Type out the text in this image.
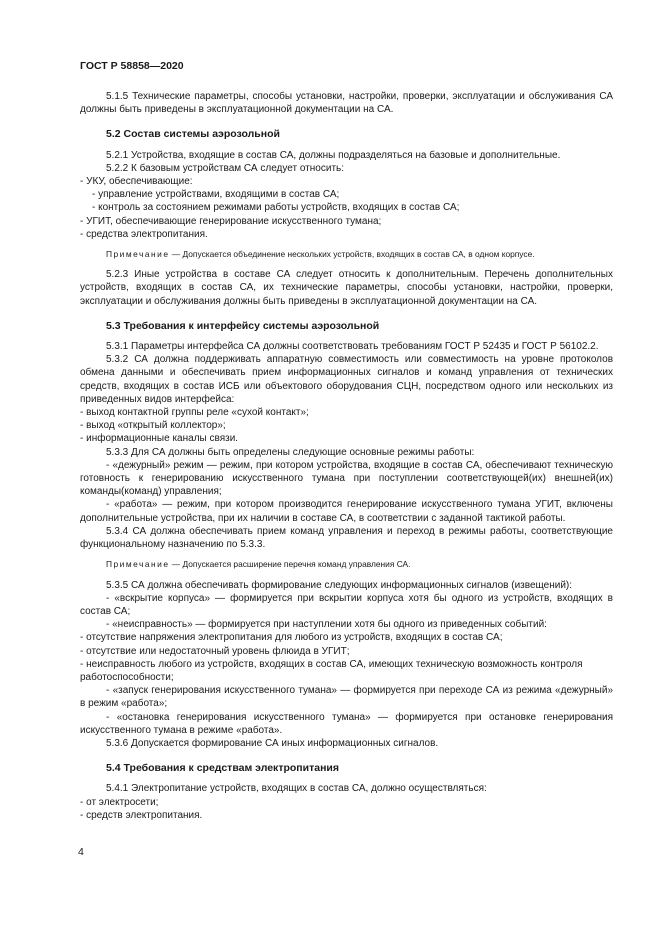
ГОСТ Р 58858—2020

5.1.5 Технические параметры, способы установки, настройки, проверки, эксплуатации и обслуживания СА должны быть приведены в эксплуатационной документации на СА.

5.2 Состав системы аэрозольной

5.2.1 Устройства, входящие в состав СА, должны подразделяться на базовые и дополнительные.

5.2.2 К базовым устройствам СА следует относить:

- УКУ, обеспечивающие:

- управление устройствами, входящими в состав СА;

- контроль за состоянием режимами работы устройств, входящих в состав СА;

- УГИТ, обеспечивающие генерирование искусственного тумана;

- средства электропитания.

Примечание — Допускается объединение нескольких устройств, входящих в состав СА, в одном корпусе.

5.2.3 Иные устройства в составе СА следует относить к дополнительным. Перечень дополнительных устройств, входящих в состав СА, их технические параметры, способы установки, настройки, проверки, эксплуатации и обслуживания должны быть приведены в эксплуатационной документации на СА.

5.3 Требования к интерфейсу системы аэрозольной

5.3.1 Параметры интерфейса СА должны соответствовать требованиям ГОСТ Р 52435 и ГОСТ Р 56102.2.

5.3.2 СА должна поддерживать аппаратную совместимость или совместимость на уровне протоколов обмена данными и обеспечивать прием информационных сигналов и команд управления от технических средств, входящих в состав ИСБ или объектового оборудования СЦН, посредством одного или нескольких из приведенных видов интерфейса:

- выход контактной группы реле «сухой контакт»;

- выход «открытый коллектор»;

- информационные каналы связи.

5.3.3 Для СА должны быть определены следующие основные режимы работы:

- «дежурный» режим — режим, при котором устройства, входящие в состав СА, обеспечивают техническую готовность к генерированию искусственного тумана при поступлении соответствующей(их) внешней(их) команды(команд) управления;

- «работа» — режим, при котором производится генерирование искусственного тумана УГИТ, включены дополнительные устройства, при их наличии в составе СА, в соответствии с заданной тактикой работы.

5.3.4 СА должна обеспечивать прием команд управления и переход в режимы работы, соответствующие функциональному назначению по 5.3.3.

Примечание — Допускается расширение перечня команд управления СА.

5.3.5 СА должна обеспечивать формирование следующих информационных сигналов (извещений):

- «вскрытие корпуса» — формируется при вскрытии корпуса хотя бы одного из устройств, входящих в состав СА;

- «неисправность» — формируется при наступлении хотя бы одного из приведенных событий:

- отсутствие напряжения электропитания для любого из устройств, входящих в состав СА;

- отсутствие или недостаточный уровень флюида в УГИТ;

- неисправность любого из устройств, входящих в состав СА, имеющих техническую возможность контроля работоспособности;

- «запуск генерирования искусственного тумана» — формируется при переходе СА из режима «дежурный» в режим «работа»;

- «остановка генерирования искусственного тумана» — формируется при остановке генерирования искусственного тумана в режиме «работа».

5.3.6 Допускается формирование СА иных информационных сигналов.

5.4 Требования к средствам электропитания

5.4.1 Электропитание устройств, входящих в состав СА, должно осуществляться:

- от электросети;

- средств электропитания.

4
